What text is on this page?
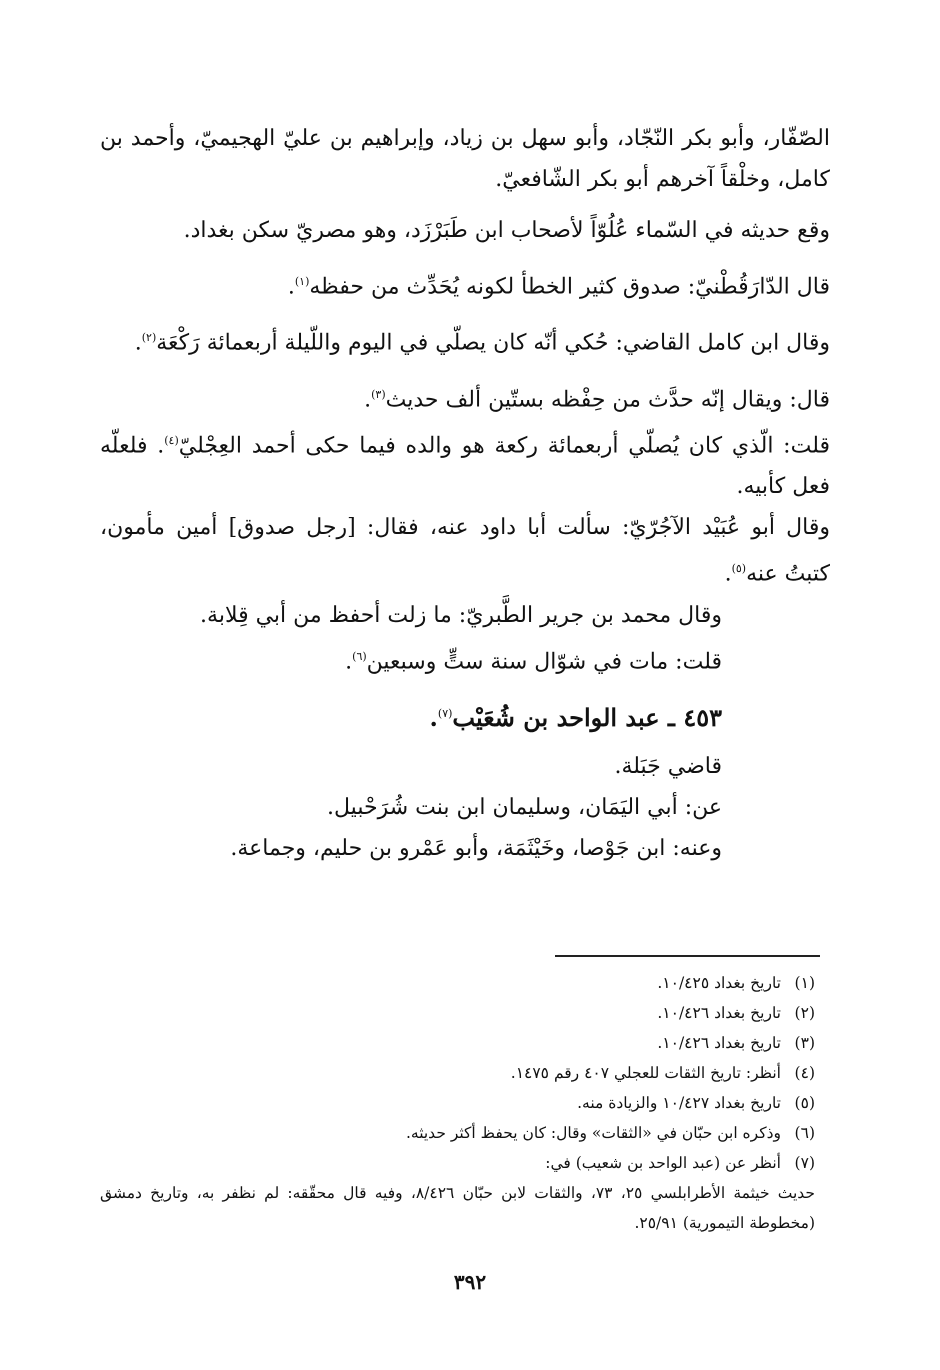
الصّفّار، وأبو بكر النّجّاد، وأبو سهل بن زياد، وإبراهيم بن عليّ الهجيميّ، وأحمد بن كامل، وخلْقاً آخرهم أبو بكر الشّافعيّ.

وقع حديثه في السّماء عُلُوّاً لأصحاب ابن طَبَرْزَد، وهو مصريّ سكن بغداد.

قال الدّارَقُطْنيّ: صدوق كثير الخطأ لكونه يُحَدِّث من حفظه$^{(١)}$.

وقال ابن كامل القاضي: حُكي أنّه كان يصلّي في اليوم واللّيلة أربعمائة رَكْعَة$^{(٢)}$.

قال: ويقال إنّه حدَّث من حِفْظه بستّين ألف حديث$^{(٣)}$.

قلت: الّذي كان يُصلّي أربعمائة ركعة هو والده فيما حكى أحمد العِجْليّ$^{(٤)}$. فلعلّه فعل كأبيه.

وقال أبو عُبَيْد الآجُرّيّ: سألت أبا داود عنه، فقال: [رجل صدوق] أمين مأمون، كتبتُ عنه$^{(٥)}$.

وقال محمد بن جرير الطَّبريّ: ما زلت أحفظ من أبي قِلابة.

قلت: مات في شوّال سنة ستٍّ وسبعين$^{(٦)}$.

٤٥٣ ـ عبد الواحد بن شُعَيْب$^{(٧)}$.

قاضي جَبَلة.

عن: أبي اليَمَان، وسليمان ابن بنت شُرَحْبيل.

وعنه: ابن جَوْصا، وخَيْثَمَة، وأبو عَمْرو بن حليم، وجماعة.

(١)
تاريخ بغداد ١٠/٤٢٥.
(٢)
تاريخ بغداد ١٠/٤٢٦.
(٣)
تاريخ بغداد ١٠/٤٢٦.
(٤)
أنظر: تاريخ الثقات للعجلي ٤٠٧ رقم ١٤٧٥.
(٥)
تاريخ بغداد ١٠/٤٢٧ والزيادة منه.
(٦)
وذكره ابن حبّان في «الثقات» وقال: كان يحفظ أكثر حديثه.
(٧)
أنظر عن (عبد الواحد بن شعيب) في:
حديث خيثمة الأطرابلسي ٢٥، ٧٣، والثقات لابن حبّان ٨/٤٢٦، وفيه قال محقّقه: لم نظفر به، وتاريخ دمشق (مخطوطة التيمورية) ٢٥/٩١.
٣٩٢
